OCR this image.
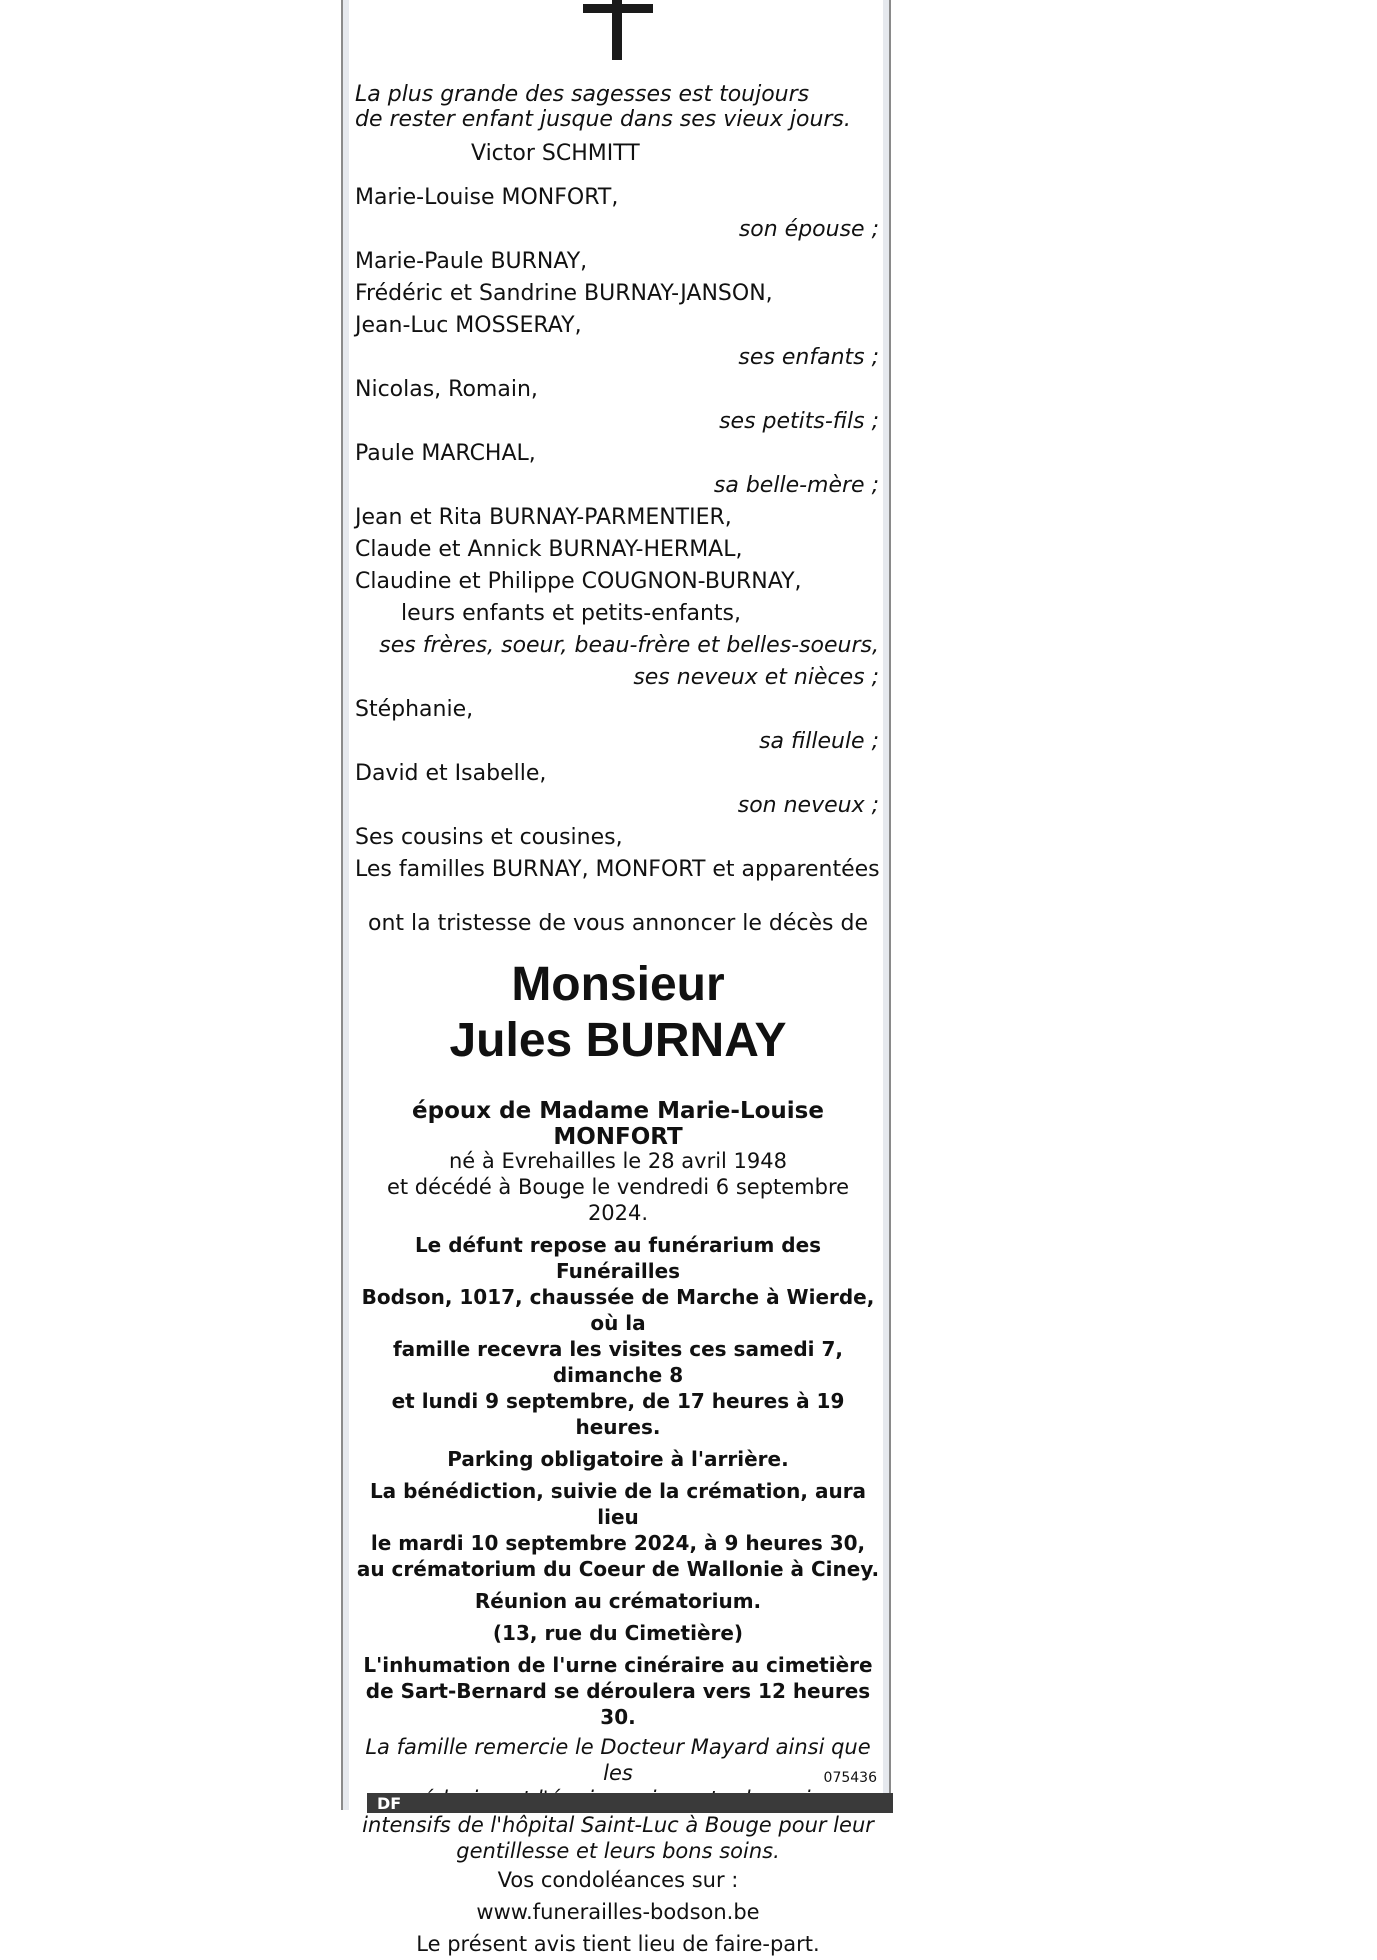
La plus grande des sagesses est toujours
de rester enfant jusque dans ses vieux jours.
Victor SCHMITT
Marie-Louise MONFORT,
son épouse ;
Marie-Paule BURNAY,
Frédéric et Sandrine BURNAY-JANSON,
Jean-Luc MOSSERAY,
ses enfants ;
Nicolas, Romain,
ses petits-fils ;
Paule MARCHAL,
sa belle-mère ;
Jean et Rita BURNAY-PARMENTIER,
Claude et Annick BURNAY-HERMAL,
Claudine et Philippe COUGNON-BURNAY,
leurs enfants et petits-enfants,
ses frères, soeur, beau-frère et belles-soeurs,
ses neveux et nièces ;
Stéphanie,
sa filleule ;
David et Isabelle,
son neveux ;
Ses cousins et cousines,
Les familles BURNAY, MONFORT et apparentées
ont la tristesse de vous annoncer le décès de
Monsieur
Jules BURNAY
époux de Madame Marie-Louise MONFORT
né à Evrehailles le 28 avril 1948
et décédé à Bouge le vendredi 6 septembre 2024.
Le défunt repose au funérarium des Funérailles
Bodson, 1017, chaussée de Marche à Wierde, où la
famille recevra les visites ces samedi 7, dimanche 8
et lundi 9 septembre, de 17 heures à 19 heures.
Parking obligatoire à l'arrière.
La bénédiction, suivie de la crémation, aura lieu
le mardi 10 septembre 2024, à 9 heures 30,
au crématorium du Coeur de Wallonie à Ciney.
Réunion au crématorium.
(13, rue du Cimetière)
L'inhumation de l'urne cinéraire au cimetière
de Sart-Bernard se déroulera vers 12 heures 30.
La famille remercie le Docteur Mayard ainsi que les
intensifs de l'hôpital Saint-Luc à Bouge pour leur
gentillesse et leurs bons soins.
Vos condoléances sur :
www.funerailles-bodson.be
Le présent avis tient lieu de faire-part.
075436
DF
